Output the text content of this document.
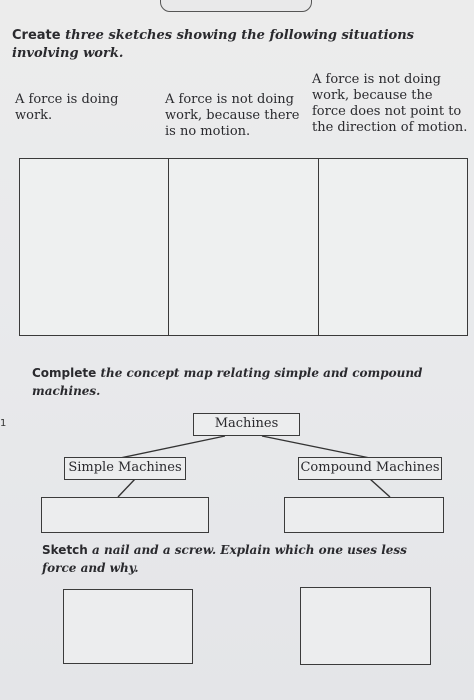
Create three sketches showing the following situations involving work.
A force is doing work.
A force is not doing work, because there is no motion.
A force is not doing work, because the force does not point to the direction of motion.
Complete the concept map relating simple and compound machines.
Machines
Simple Machines	Compound Machines
Sketch a nail and a screw. Explain which one uses less force and why.
1
